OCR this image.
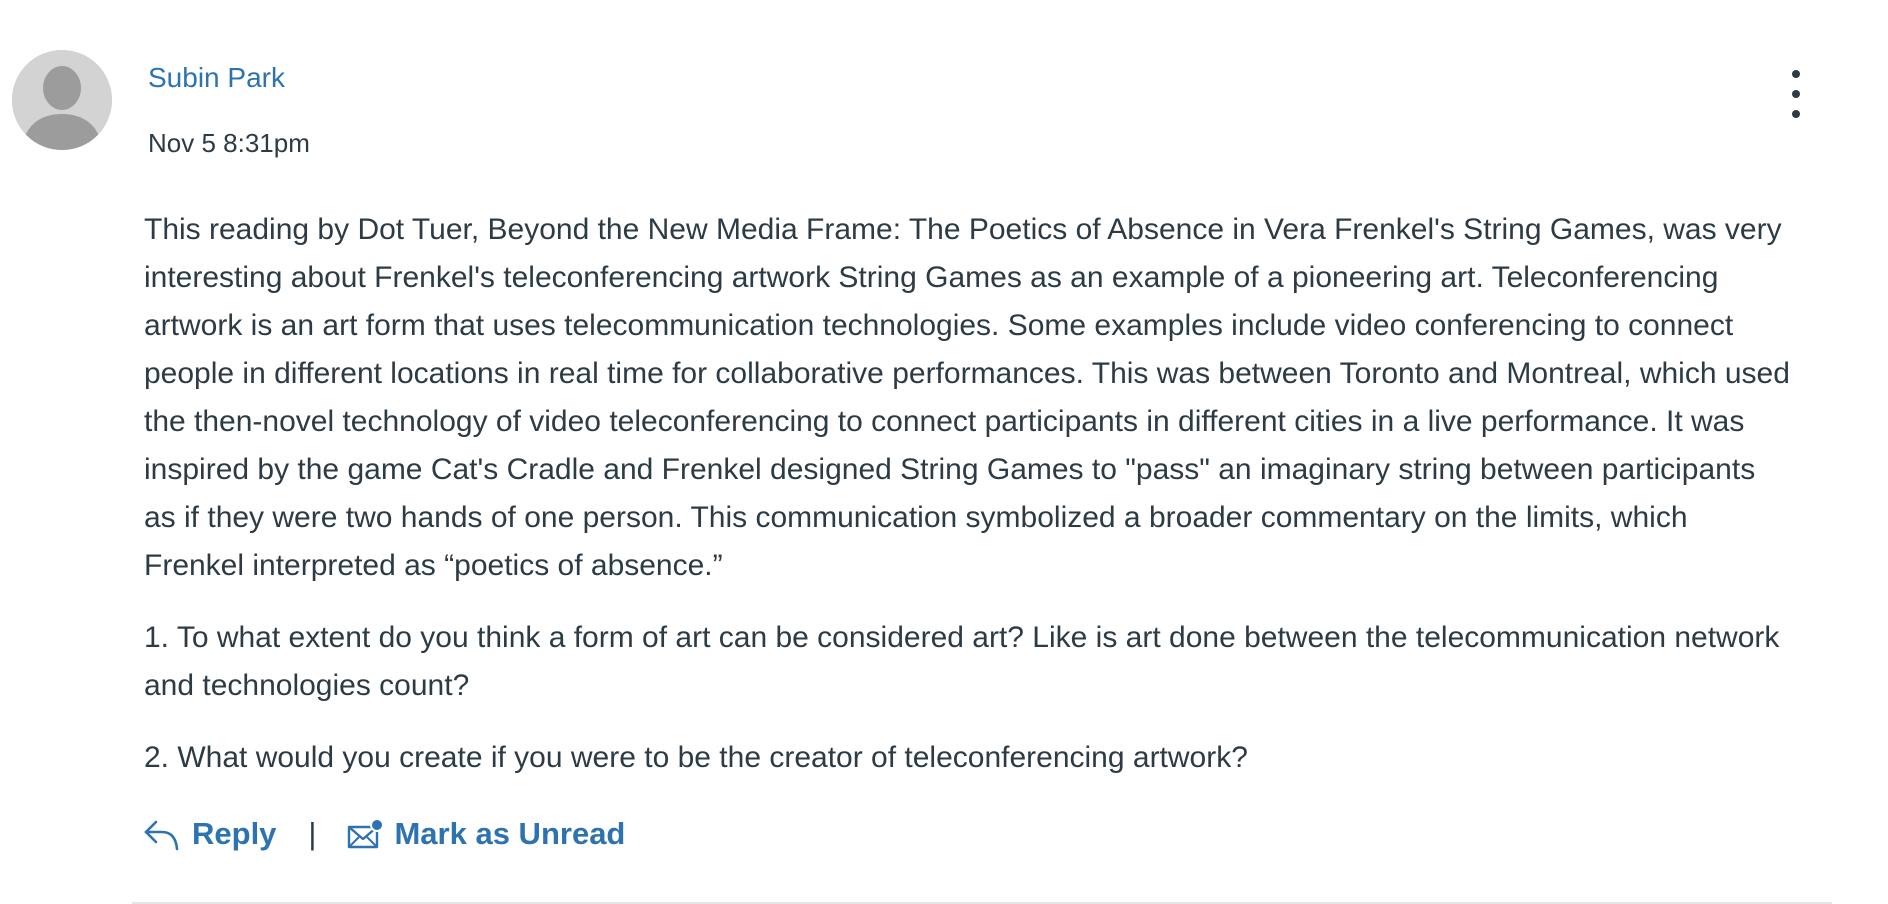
Subin Park
Nov 5 8:31pm

This reading by Dot Tuer, Beyond the New Media Frame: The Poetics of Absence in Vera Frenkel's String Games, was very interesting about Frenkel's teleconferencing artwork String Games as an example of a pioneering art. Teleconferencing artwork is an art form that uses telecommunication technologies. Some examples include video conferencing to connect people in different locations in real time for collaborative performances. This was between Toronto and Montreal, which used the then-novel technology of video teleconferencing to connect participants in different cities in a live performance. It was inspired by the game Cat's Cradle and Frenkel designed String Games to "pass" an imaginary string between participants as if they were two hands of one person. This communication symbolized a broader commentary on the limits, which Frenkel interpreted as “poetics of absence.”

1. To what extent do you think a form of art can be considered art? Like is art done between the telecommunication network and technologies count?

2. What would you create if you were to be the creator of teleconferencing artwork?

Reply |	Mark as Unread
